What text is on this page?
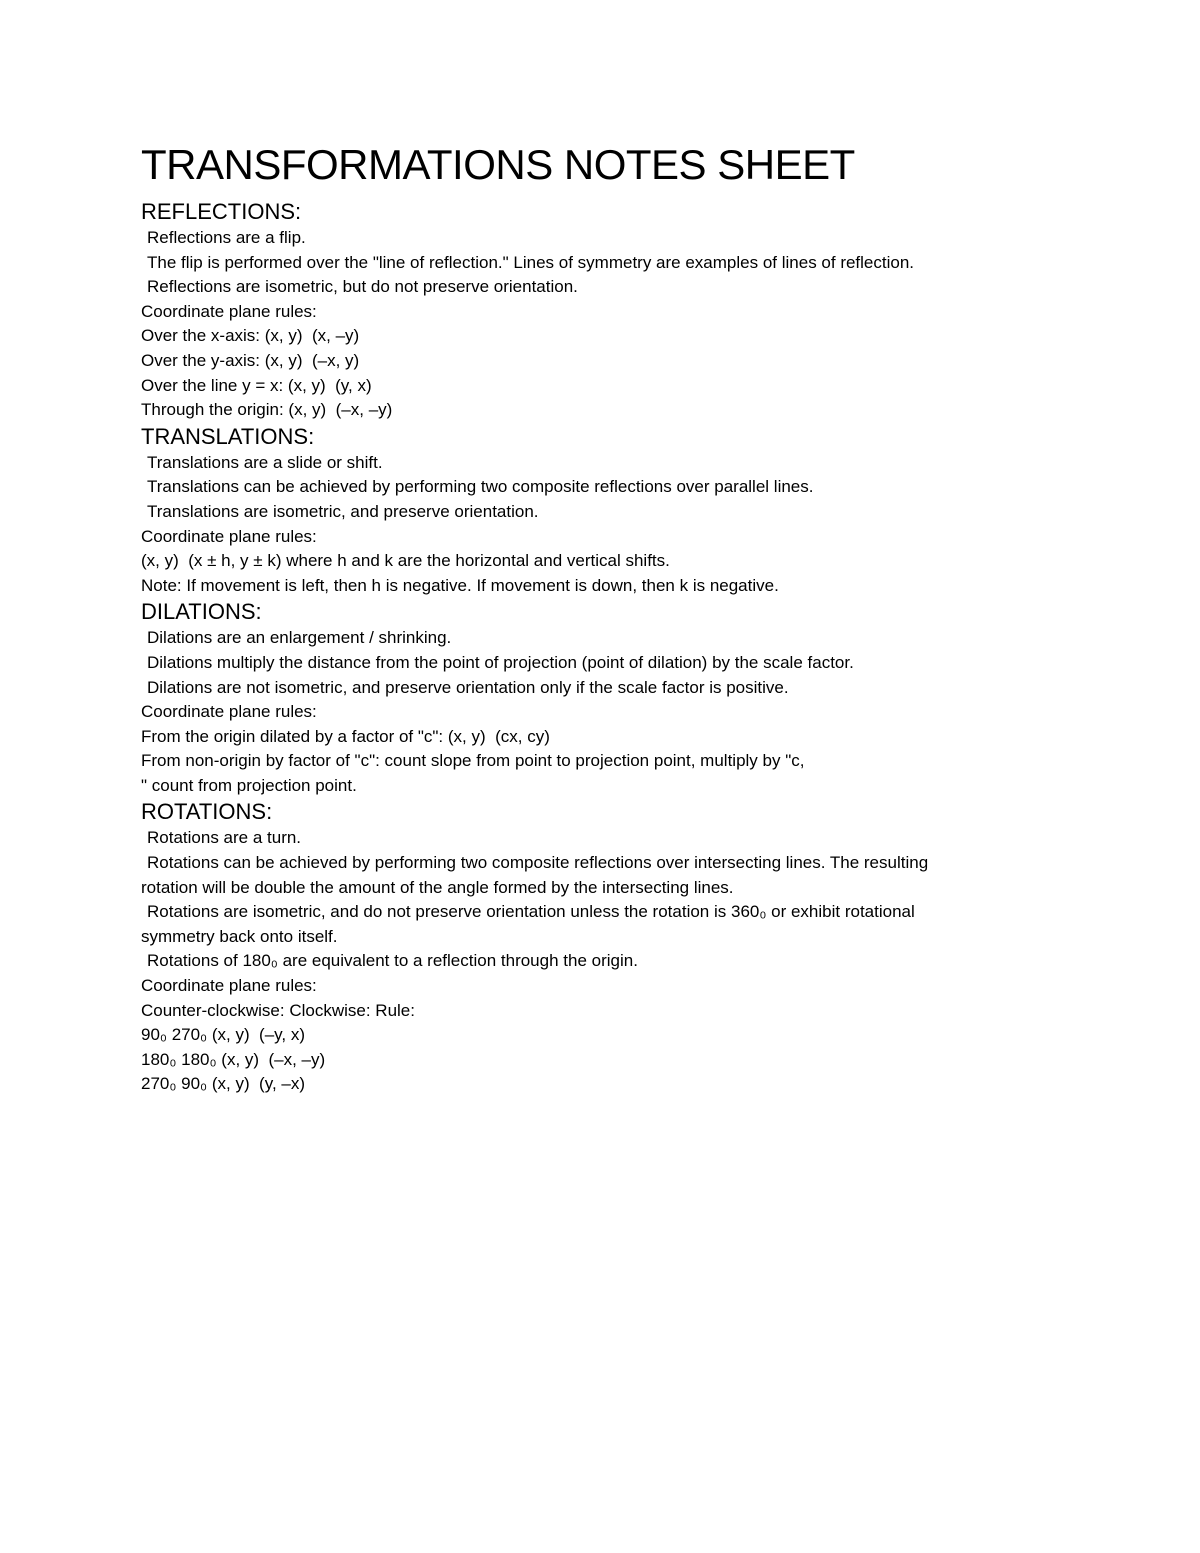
TRANSFORMATIONS NOTES SHEET
REFLECTIONS:

Reflections are a flip.

The flip is performed over the "line of reflection." Lines of symmetry are examples of lines of reflection.

Reflections are isometric, but do not preserve orientation.

Coordinate plane rules:

Over the x-axis: (x, y)  (x, –y)

Over the y-axis: (x, y)  (–x, y)

Over the line y = x: (x, y)  (y, x)

Through the origin: (x, y)  (–x, –y)

TRANSLATIONS:

Translations are a slide or shift.

Translations can be achieved by performing two composite reflections over parallel lines.

Translations are isometric, and preserve orientation.

Coordinate plane rules:

(x, y)  (x ± h, y ± k) where h and k are the horizontal and vertical shifts.

Note: If movement is left, then h is negative. If movement is down, then k is negative.

DILATIONS:

Dilations are an enlargement / shrinking.

Dilations multiply the distance from the point of projection (point of dilation) by the scale factor.

Dilations are not isometric, and preserve orientation only if the scale factor is positive.

Coordinate plane rules:

From the origin dilated by a factor of "c": (x, y)  (cx, cy)

From non-origin by factor of "c": count slope from point to projection point, multiply by "c,

" count from projection point.

ROTATIONS:

Rotations are a turn.

Rotations can be achieved by performing two composite reflections over intersecting lines. The resulting

rotation will be double the amount of the angle formed by the intersecting lines.

Rotations are isometric, and do not preserve orientation unless the rotation is 360₀ or exhibit rotational

symmetry back onto itself.

Rotations of 180₀ are equivalent to a reflection through the origin.

Coordinate plane rules:

Counter-clockwise: Clockwise: Rule:

90₀ 270₀ (x, y)  (–y, x)

180₀ 180₀ (x, y)  (–x, –y)

270₀ 90₀ (x, y)  (y, –x)
